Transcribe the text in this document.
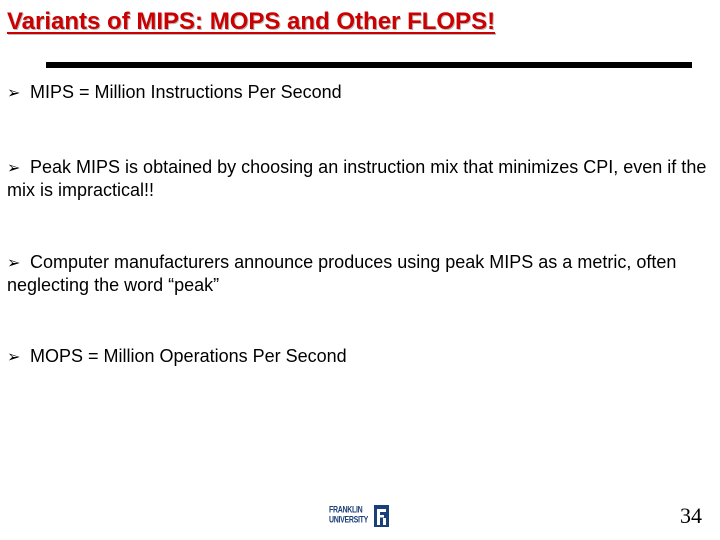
Variants of MIPS: MOPS and Other FLOPS!
➢ MIPS = Million Instructions Per Second
➢ Peak MIPS is obtained by choosing an instruction mix that minimizes CPI, even if the mix is impractical!!
➢ Computer manufacturers announce produces using peak MIPS as a metric, often neglecting the word “peak”
➢ MOPS = Million Operations Per Second
FRANKLIN
UNIVERSITY	34
